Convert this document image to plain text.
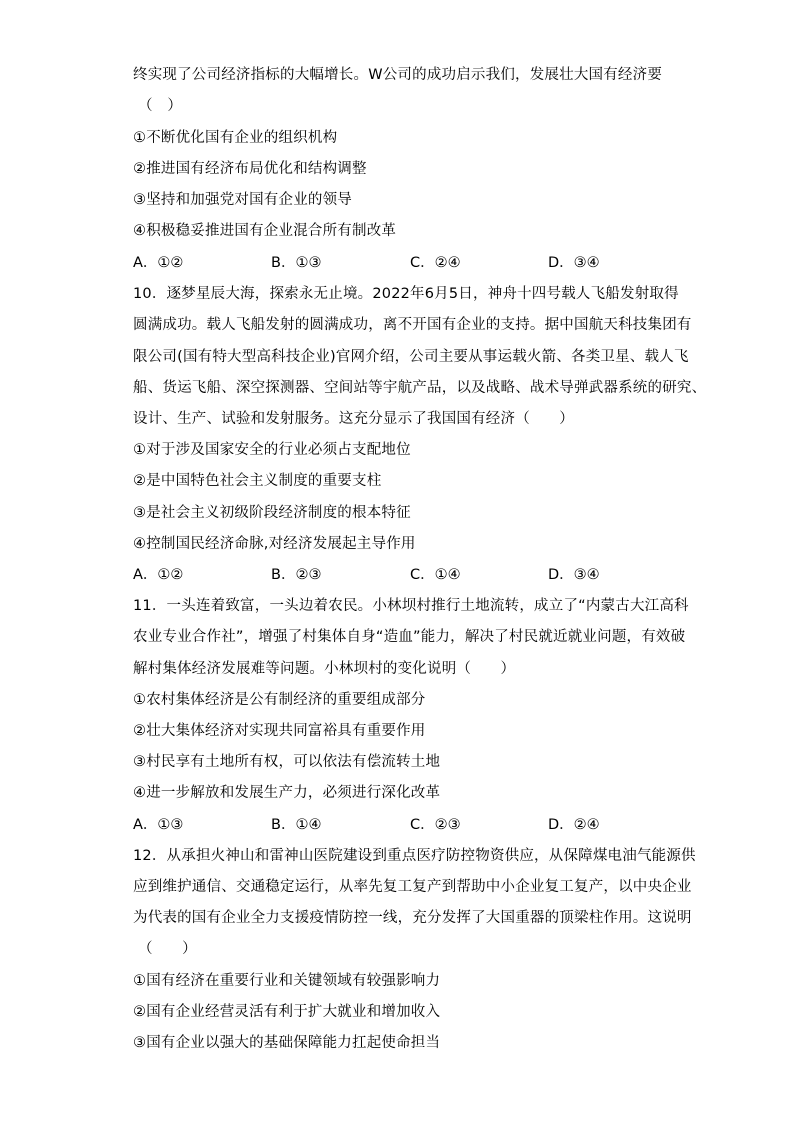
终实现了公司经济指标的大幅增长。W公司的成功启示我们，发展壮大国有经济要
（　）
①不断优化国有企业的组织机构
②推进国有经济布局优化和结构调整
③坚持和加强党对国有企业的领导
④积极稳妥推进国有企业混合所有制改革
A．①②	B．①③	C．②④	D．③④
10．逐梦星辰大海，探索永无止境。2022年6月5日，神舟十四号载人飞船发射取得
圆满成功。载人飞船发射的圆满成功，离不开国有企业的支持。据中国航天科技集团有
限公司(国有特大型高科技企业)官网介绍，公司主要从事运载火箭、各类卫星、载人飞
船、货运飞船、深空探测器、空间站等宇航产品，以及战略、战术导弹武器系统的研究、
设计、生产、试验和发射服务。这充分显示了我国国有经济（　　）
①对于涉及国家安全的行业必须占支配地位
②是中国特色社会主义制度的重要支柱
③是社会主义初级阶段经济制度的根本特征
④控制国民经济命脉,对经济发展起主导作用
A．①②	B．②③	C．①④	D．③④
11．一头连着致富，一头边着农民。小林坝村推行土地流转，成立了“内蒙古大江高科
农业专业合作社”，增强了村集体自身“造血”能力，解决了村民就近就业问题，有效破
解村集体经济发展难等问题。小林坝村的变化说明（　　）
①农村集体经济是公有制经济的重要组成部分
②壮大集体经济对实现共同富裕具有重要作用
③村民享有土地所有权，可以依法有偿流转土地
④进一步解放和发展生产力，必须进行深化改革
A．①③	B．①④	C．②③	D．②④
12．从承担火神山和雷神山医院建设到重点医疗防控物资供应，从保障煤电油气能源供
应到维护通信、交通稳定运行，从率先复工复产到帮助中小企业复工复产，以中央企业
为代表的国有企业全力支援疫情防控一线，充分发挥了大国重器的顶梁柱作用。这说明
（　　）
①国有经济在重要行业和关键领域有较强影响力
②国有企业经营灵活有利于扩大就业和增加收入
③国有企业以强大的基础保障能力扛起使命担当
